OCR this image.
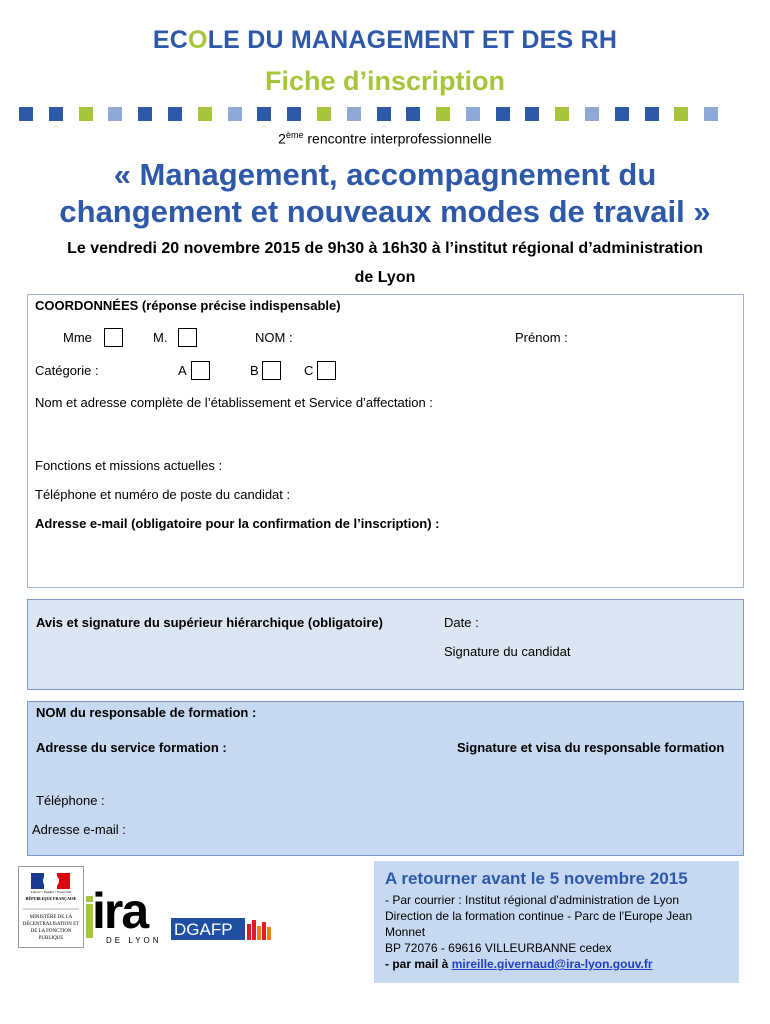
ECOLE DU MANAGEMENT ET DES RH
Fiche d’inscription
2ème rencontre interprofessionnelle
« Management, accompagnement du
changement et nouveaux modes de travail »
Le vendredi 20 novembre 2015 de 9h30 à 16h30 à l’institut régional d’administration
de Lyon
COORDONNÉES (réponse précise indispensable)
Mme	M.	NOM :	Prénom :
Catégorie :	A	B	C
Nom et adresse complète de l’établissement et Service d’affectation :
Fonctions et missions actuelles :
Téléphone et numéro de poste du candidat :
Adresse e-mail (obligatoire pour la confirmation de l’inscription) :
Avis et signature du supérieur hiérarchique (obligatoire)	Date :
Signature du candidat
NOM du responsable de formation :
Adresse du service formation :	Signature et visa du responsable formation
Téléphone :
Adresse e-mail :
Liberté • Égalité • Fraternité
RÉPUBLIQUE FRANÇAISE
MINISTÈRE DE LA DÉCENTRALISATION ET DE LA FONCTION PUBLIQUE ira
DE LYON
DGAFP
A retourner avant le 5 novembre 2015
- Par courrier : Institut régional d'administration de Lyon
Direction de la formation continue - Parc de l'Europe Jean
Monnet
BP 72076 - 69616 VILLEURBANNE cedex
- par mail à mireille.givernaud@ira-lyon.gouv.fr
